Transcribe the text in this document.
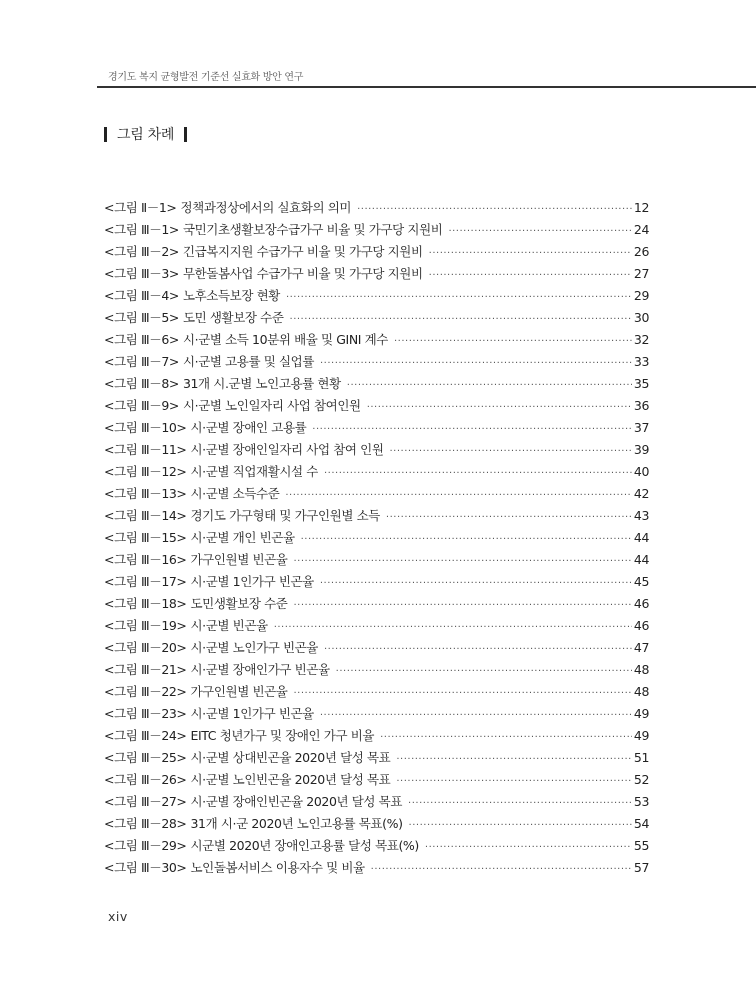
경기도 복지 균형발전 기준선 실효화 방안 연구
그림 차례
<그림 Ⅱ－1> 정책과정상에서의 실효화의 의미 ·····	12
<그림 Ⅲ－1> 국민기초생활보장수급가구 비율 및 가구당 지원비 ·····	24
<그림 Ⅲ－2> 긴급복지지원 수급가구 비율 및 가구당 지원비 ·····	26
<그림 Ⅲ－3> 무한돌봄사업 수급가구 비율 및 가구당 지원비 ·····	27
<그림 Ⅲ－4> 노후소득보장 현황 ·····	29
<그림 Ⅲ－5> 도민 생활보장 수준 ·····	30
<그림 Ⅲ－6> 시·군별 소득 10분위 배율 및 GINI 계수 ·····	32
<그림 Ⅲ－7> 시·군별 고용률 및 실업률 ·····	33
<그림 Ⅲ－8> 31개 시.군별 노인고용률 현황 ·····	35
<그림 Ⅲ－9> 시·군별 노인일자리 사업 참여인원 ·····	36
<그림 Ⅲ－10> 시·군별 장애인 고용률 ·····	37
<그림 Ⅲ－11> 시·군별 장애인일자리 사업 참여 인원 ·····	39
<그림 Ⅲ－12> 시·군별 직업재활시설 수 ·····	40
<그림 Ⅲ－13> 시·군별 소득수준 ·····	42
<그림 Ⅲ－14> 경기도 가구형태 및 가구인원별 소득 ·····	43
<그림 Ⅲ－15> 시·군별 개인 빈곤율 ·····	44
<그림 Ⅲ－16> 가구인원별 빈곤율 ·····	44
<그림 Ⅲ－17> 시·군별 1인가구 빈곤율 ·····	45
<그림 Ⅲ－18> 도민생활보장 수준 ·····	46
<그림 Ⅲ－19> 시·군별 빈곤율 ·····	46
<그림 Ⅲ－20> 시·군별 노인가구 빈곤율 ·····	47
<그림 Ⅲ－21> 시·군별 장애인가구 빈곤율 ·····	48
<그림 Ⅲ－22> 가구인원별 빈곤율 ·····	48
<그림 Ⅲ－23> 시·군별 1인가구 빈곤율 ·····	49
<그림 Ⅲ－24> EITC 청년가구 및 장애인 가구 비율 ·····	49
<그림 Ⅲ－25> 시·군별 상대빈곤율 2020년 달성 목표 ·····	51
<그림 Ⅲ－26> 시·군별 노인빈곤율 2020년 달성 목표 ·····	52
<그림 Ⅲ－27> 시·군별 장애인빈곤율 2020년 달성 목표 ·····	53
<그림 Ⅲ－28> 31개 시·군 2020년 노인고용률 목표(%) ·····	54
<그림 Ⅲ－29> 시군별 2020년 장애인고용률 달성 목표(%) ·····	55
<그림 Ⅲ－30> 노인돌봄서비스 이용자수 및 비율 ·····	57
xiv
